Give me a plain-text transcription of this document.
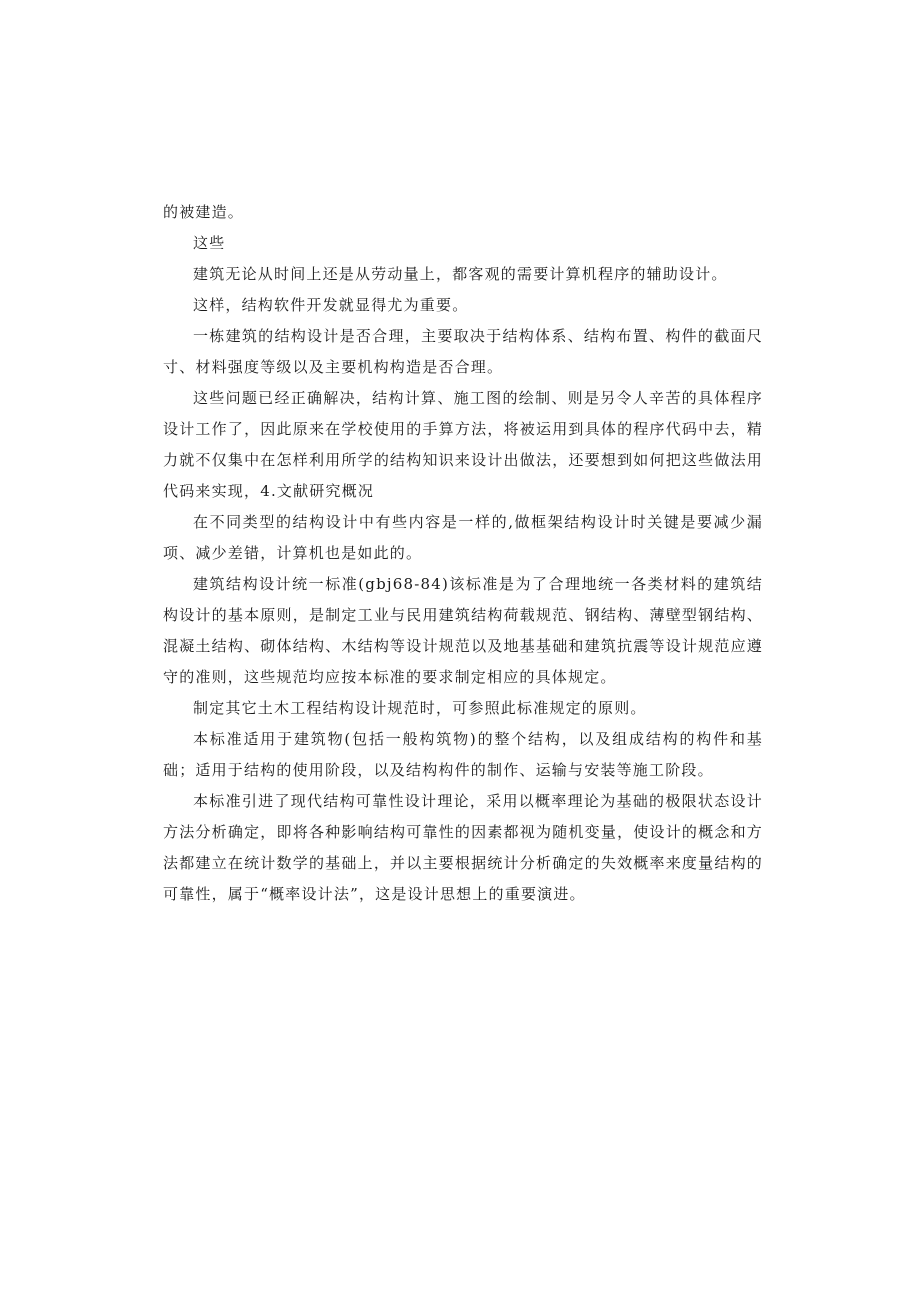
的被建造。

这些

建筑无论从时间上还是从劳动量上，都客观的需要计算机程序的辅助设计。

这样，结构软件开发就显得尤为重要。

一栋建筑的结构设计是否合理，主要取决于结构体系、结构布置、构件的截面尺寸、材料强度等级以及主要机构构造是否合理。

这些问题已经正确解决，结构计算、施工图的绘制、则是另令人辛苦的具体程序设计工作了，因此原来在学校使用的手算方法，将被运用到具体的程序代码中去，精力就不仅集中在怎样利用所学的结构知识来设计出做法，还要想到如何把这些做法用代码来实现，4.文献研究概况

在不同类型的结构设计中有些内容是一样的,做框架结构设计时关键是要减少漏项、减少差错，计算机也是如此的。

建筑结构设计统一标准(gbj68-84)该标准是为了合理地统一各类材料的建筑结构设计的基本原则，是制定工业与民用建筑结构荷载规范、钢结构、薄壁型钢结构、混凝土结构、砌体结构、木结构等设计规范以及地基基础和建筑抗震等设计规范应遵守的准则，这些规范均应按本标准的要求制定相应的具体规定。

制定其它土木工程结构设计规范时，可参照此标准规定的原则。

本标准适用于建筑物(包括一般构筑物)的整个结构，以及组成结构的构件和基础；适用于结构的使用阶段，以及结构构件的制作、运输与安装等施工阶段。

本标准引进了现代结构可靠性设计理论，采用以概率理论为基础的极限状态设计方法分析确定，即将各种影响结构可靠性的因素都视为随机变量，使设计的概念和方法都建立在统计数学的基础上，并以主要根据统计分析确定的失效概率来度量结构的可靠性，属于“概率设计法”，这是设计思想上的重要演进。
